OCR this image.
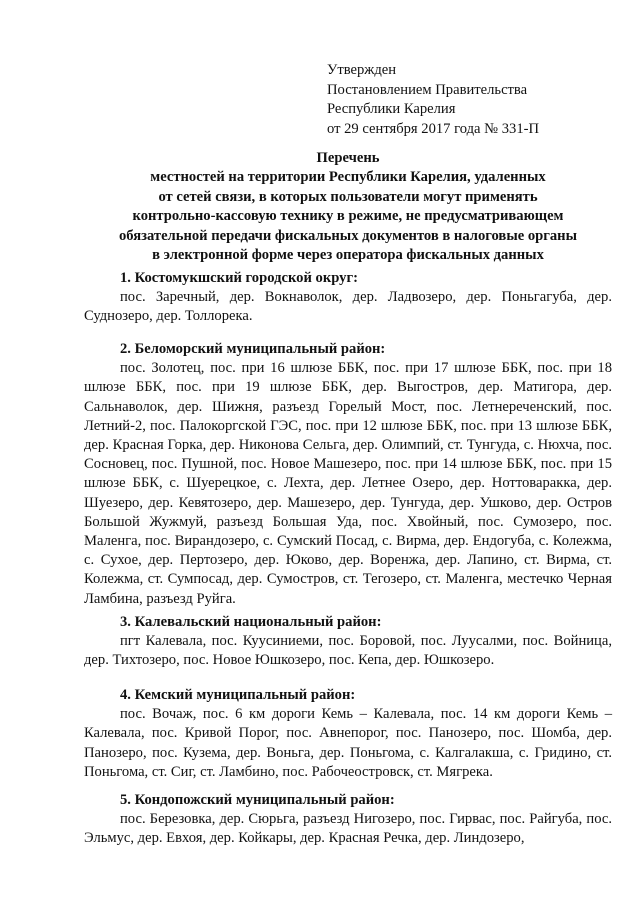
Утвержден
Постановлением Правительства
Республики Карелия
от 29 сентября 2017 года № 331-П
Перечень
местностей на территории Республики Карелия, удаленных
от сетей связи, в которых пользователи могут применять
контрольно-кассовую технику в режиме, не предусматривающем
обязательной передачи фискальных документов в налоговые органы
в электронной форме через оператора фискальных данных
1. Костомукшский городской округ:
пос. Заречный, дер. Вокнаволок, дер. Ладвозеро, дер. Поньгагуба, дер. Суднозеро, дер. Толлорека.
2. Беломорский муниципальный район:
пос. Золотец, пос. при 16 шлюзе ББК, пос. при 17 шлюзе ББК, пос. при 18 шлюзе ББК, пос. при 19 шлюзе ББК, дер. Выгостров, дер. Матигора, дер. Сальнаволок, дер. Шижня, разъезд Горелый Мост, пос. Летнереченский, пос. Летний-2, пос. Палокоргской ГЭС, пос. при 12 шлюзе ББК, пос. при 13 шлюзе ББК, дер. Красная Горка, дер. Никонова Сельга, дер. Олимпий, ст. Тунгуда, с. Нюхча, пос. Сосновец, пос. Пушной, пос. Новое Машезеро, пос. при 14 шлюзе ББК, пос. при 15 шлюзе ББК, с. Шуерецкое, с. Лехта, дер. Летнее Озеро, дер. Ноттоваракка, дер. Шуезеро, дер. Кевятозеро, дер. Машезеро, дер. Тунгуда, дер. Ушково, дер. Остров Большой Жужмуй, разъезд Большая Уда, пос. Хвойный, пос. Сумозеро, пос. Маленга, пос. Вирандозеро, с. Сумский Посад, с. Вирма, дер. Ендогуба, с. Колежма, с. Сухое, дер. Пертозеро, дер. Юково, дер. Воренжа, дер. Лапино, ст. Вирма, ст. Колежма, ст. Сумпосад, дер. Сумостров, ст. Тегозеро, ст. Маленга, местечко Черная Ламбина, разъезд Руйга.
3. Калевальский национальный район:
пгт Калевала, пос. Куусиниеми, пос. Боровой, пос. Луусалми, пос. Войница, дер. Тихтозеро, пос. Новое Юшкозеро, пос. Кепа, дер. Юшкозеро.
4. Кемский муниципальный район:
пос. Вочаж, пос. 6 км дороги Кемь – Калевала, пос. 14 км дороги Кемь – Калевала, пос. Кривой Порог, пос. Авнепорог, пос. Панозеро, пос. Шомба, дер. Панозеро, пос. Кузема, дер. Воньга, дер. Поньгома, с. Калгалакша, с. Гридино, ст. Поньгома, ст. Сиг, ст. Ламбино, пос. Рабочеостровск, ст. Мягрека.
5. Кондопожский муниципальный район:
пос. Березовка, дер. Сюрьга, разъезд Нигозеро, пос. Гирвас, пос. Райгуба, пос. Эльмус, дер. Евхоя, дер. Койкары, дер. Красная Речка, дер. Линдозеро,
